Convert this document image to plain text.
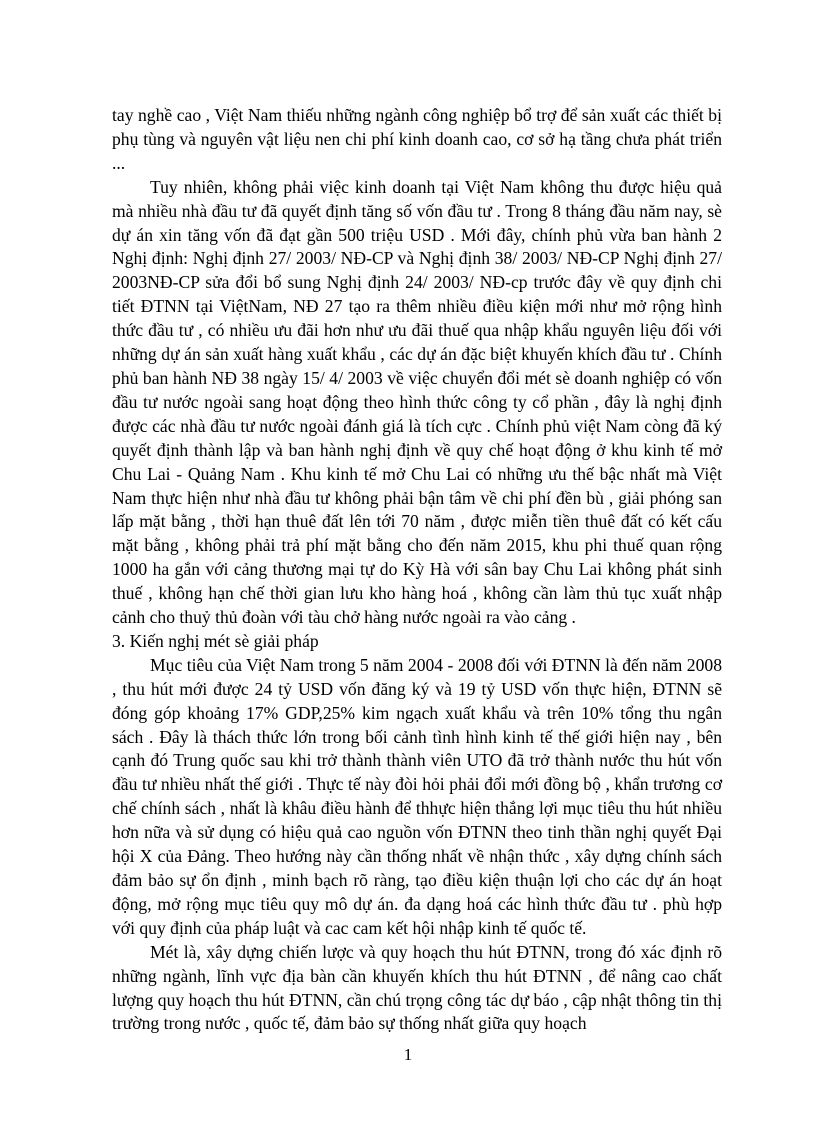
tay nghề cao , Việt Nam thiếu những ngành công nghiệp bổ trợ để sản xuất các thiết bị phụ tùng và nguyên vật liệu nen chi phí kinh doanh cao, cơ sở hạ tầng chưa phát triển ...

Tuy nhiên, không phải việc kinh doanh tại Việt Nam không thu được hiệu quả mà nhiều nhà đầu tư đã quyết định tăng số vốn đầu tư . Trong 8 tháng đầu năm nay, sè dự án xin tăng vốn đã đạt gần 500 triệu USD . Mới đây, chính phủ vừa ban hành 2 Nghị định: Nghị định 27/ 2003/ NĐ-CP và Nghị định 38/ 2003/ NĐ-CP Nghị định 27/ 2003NĐ-CP sửa đổi bổ sung Nghị định 24/ 2003/ NĐ-cp trước đây về quy định chi tiết ĐTNN tại ViệtNam, NĐ 27 tạo ra thêm nhiều điều kiện mới như mở rộng hình thức đầu tư , có nhiều ưu đãi hơn như ưu đãi thuế qua nhập khẩu nguyên liệu đối với những dự án sản xuất hàng xuất khẩu , các dự án đặc biệt khuyến khích đầu tư . Chính phủ ban hành NĐ 38 ngày 15/ 4/ 2003 về việc chuyển đổi mét sè doanh nghiệp có vốn đầu tư nước ngoài sang hoạt động theo hình thức công ty cổ phần , đây là nghị định được các nhà đầu tư nước ngoài đánh giá là tích cực . Chính phủ việt Nam còng đã ký quyết định thành lập và ban hành nghị định về quy chế hoạt động ở khu kinh tế mở Chu Lai - Quảng Nam . Khu kinh tế mở Chu Lai có những ưu thế bậc nhất mà Việt Nam thực hiện như nhà đầu tư không phải bận tâm về chi phí đền bù , giải phóng san lấp mặt bằng , thời hạn thuê đất lên tới 70 năm , được miễn tiền thuê đất có kết cấu mặt bằng , không phải trả phí mặt bằng cho đến năm 2015, khu phi thuế quan rộng 1000 ha gắn với cảng thương mại tự do Kỳ Hà với sân bay Chu Lai không phát sinh thuế , không hạn chế thời gian lưu kho hàng hoá , không cần làm thủ tục xuất nhập cảnh cho thuỷ thủ đoàn với tàu chở hàng nước ngoài ra vào cảng .

3. Kiến nghị mét sè giải pháp

Mục tiêu của Việt Nam trong 5 năm 2004 - 2008 đối với ĐTNN là đến năm 2008 , thu hút mới được 24 tỷ USD vốn đăng ký và 19 tỷ USD vốn thực hiện, ĐTNN sẽ đóng góp khoảng 17% GDP,25% kim ngạch xuất khẩu và trên 10% tổng thu ngân sách . Đây là thách thức lớn trong bối cảnh tình hình kinh tế thế giới hiện nay , bên cạnh đó Trung quốc sau khi trở thành thành viên UTO đã trở thành nước thu hút vốn đầu tư nhiều nhất thế giới . Thực tế này đòi hỏi phải đổi mới đồng bộ , khẩn trương cơ chế chính sách , nhất là khâu điều hành để thhực hiện thắng lợi mục tiêu thu hút nhiều hơn nữa và sử dụng có hiệu quả cao nguồn vốn ĐTNN theo tinh thần nghị quyết Đại hội X của Đảng. Theo hướng này cần thống nhất về nhận thức , xây dựng chính sách đảm bảo sự ổn định , minh bạch rõ ràng, tạo điều kiện thuận lợi cho các dự án hoạt động, mở rộng mục tiêu quy mô dự án. đa dạng hoá các hình thức đầu tư . phù hợp với quy định của pháp luật và cac cam kết hội nhập kinh tế quốc tế.

Mét là, xây dựng chiến lược và quy hoạch thu hút ĐTNN, trong đó xác định rõ những ngành, lĩnh vực địa bàn cần khuyến khích thu hút ĐTNN , để nâng cao chất lượng quy hoạch thu hút ĐTNN, cần chú trọng công tác dự báo , cập nhật thông tin thị trường trong nước , quốc tế, đảm bảo sự thống nhất giữa quy hoạch

1
